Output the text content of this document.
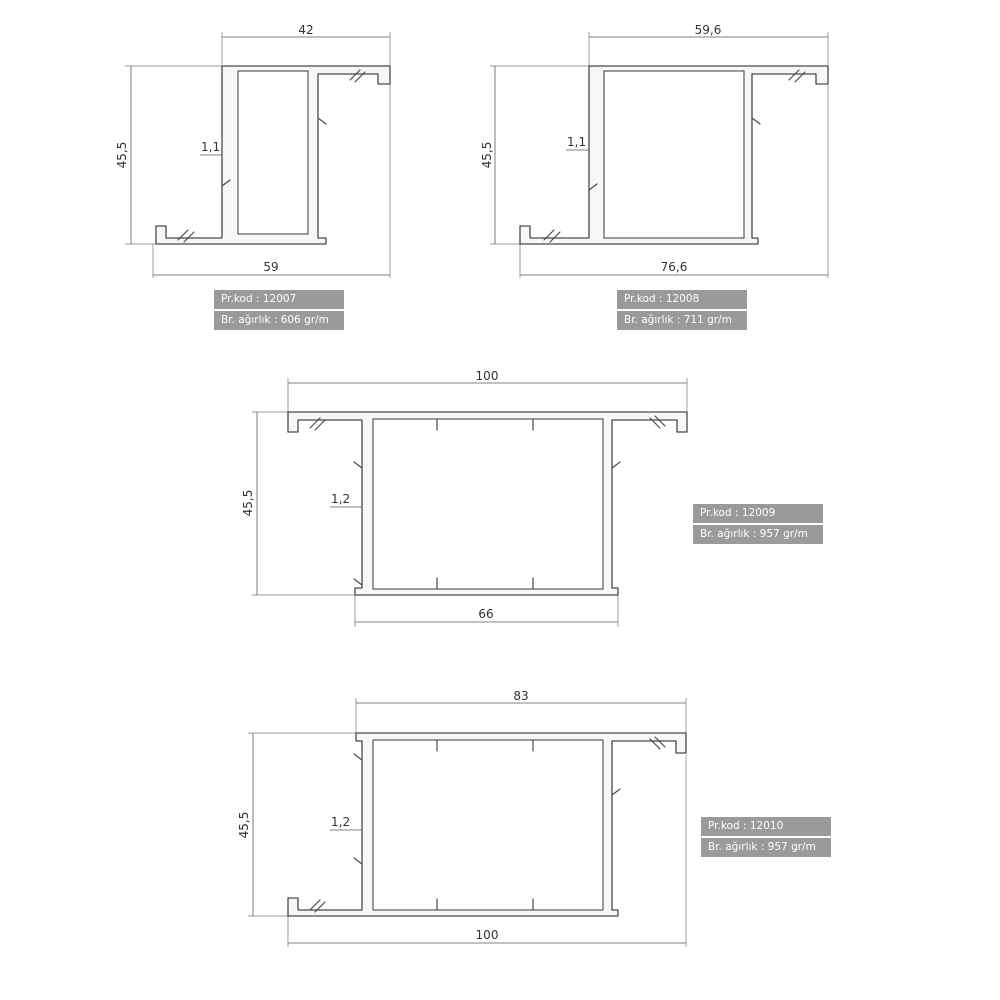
42
45,5	1,1
59
59,6
45,5	1,1
76,6
100
45,5	1,2
66
83
45,5	1,2
100
Pr.kod : 12007
Br. ağırlık : 606 gr/m
Pr.kod : 12008
Br. ağırlık : 711 gr/m
Pr.kod : 12009
Br. ağırlık : 957 gr/m
Pr.kod : 12010
Br. ağırlık : 957 gr/m
